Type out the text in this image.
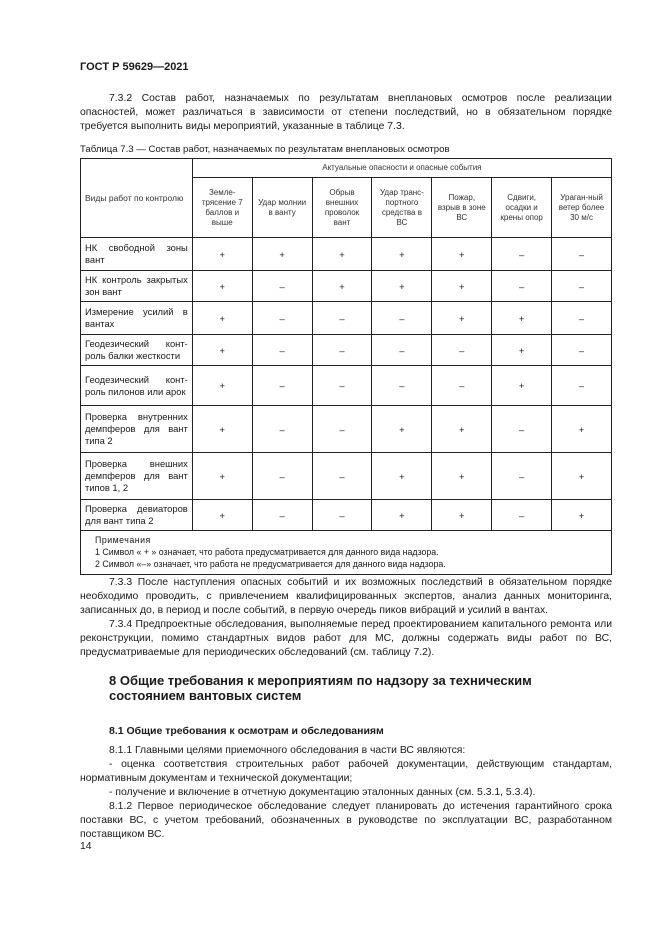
ГОСТ Р 59629—2021

7.3.2 Состав работ, назначаемых по результатам внеплановых осмотров после реализации опасностей, может различаться в зависимости от степени последствий, но в обязательном порядке требуется выполнить виды мероприятий, указанные в таблице 7.3.

Таблица 7.3 — Состав работ, назначаемых по результатам внеплановых осмотров
Виды работ по контролю	Актуальные опасности и опасные события						
	Земле-трясение 7 баллов и выше	Удар молнии в ванту	Обрыв внешних проволок вант	Удар транс-портного средства в ВС	Пожар, взрыв в зоне ВС	Сдвиги, осадки и крены опор	Ураган-ный ветер более 30 м/с
НК свободной зоны вант	+	+	+	+	+	–	–
НК контроль закрытых зон вант	+	–	+	+	+	–	–
Измерение усилий в вантах	+	–	–	–	+	+	–
Геодезический конт-роль балки жесткости	+	–	–	–	–	+	–
Геодезический конт-роль пилонов или арок	+	–	–	–	–	+	–
Проверка внутренних демпферов для вант типа 2	+	–	–	+	+	–	+
Проверка внешних демпферов для вант типов 1, 2	+	–	–	+	+	–	+
Проверка девиаторов для вант типа 2	+	–	–	+	+	–	+

Примечания
1 Символ « + » означает, что работа предусматривается для данного вида надзора.
2 Символ «–» означает, что работа не предусматривается для данного вида надзора.							

7.3.3 После наступления опасных событий и их возможных последствий в обязательном порядке необходимо проводить, с привлечением квалифицированных экспертов, анализ данных мониторинга, записанных до, в период и после событий, в первую очередь пиков вибраций и усилий в вантах.

7.3.4 Предпроектные обследования, выполняемые перед проектированием капитального ремонта или реконструкции, помимо стандартных видов работ для МС, должны содержать виды работ по ВС, предусматриваемые для периодических обследований (см. таблицу 7.2).

8 Общие требования к мероприятиям по надзору за техническим состоянием вантовых систем
8.1 Общие требования к осмотрам и обследованиям

8.1.1 Главными целями приемочного обследования в части ВС являются:

- оценка соответствия строительных работ рабочей документации, действующим стандартам, нормативным документам и технической документации;

- получение и включение в отчетную документацию эталонных данных (см. 5.3.1, 5.3.4).

8.1.2 Первое периодическое обследование следует планировать до истечения гарантийного срока поставки ВС, с учетом требований, обозначенных в руководстве по эксплуатации ВС, разработанном поставщиком ВС.

14
